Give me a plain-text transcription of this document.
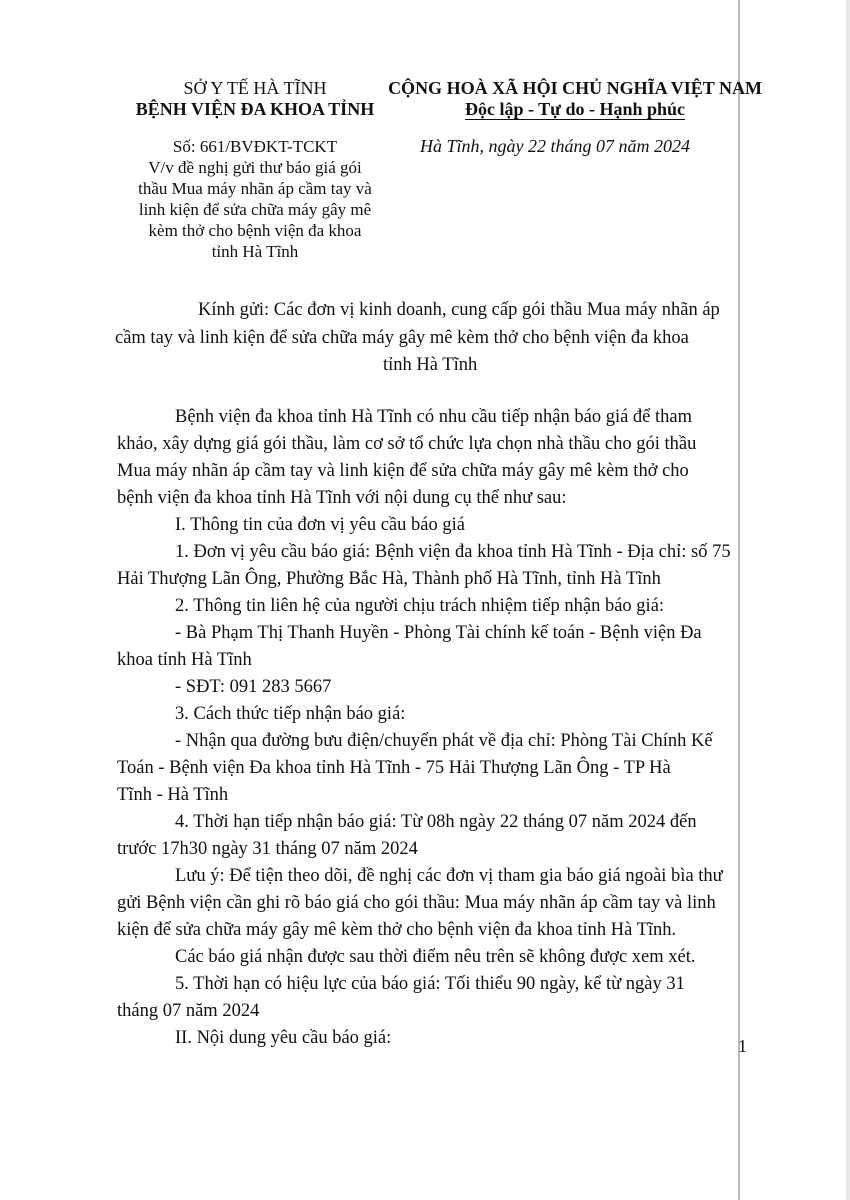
SỞ Y TẾ HÀ TĨNH
BỆNH VIỆN ĐA KHOA TỈNH
Số: 661/BVĐKT-TCKT
V/v đề nghị gửi thư báo giá gói
thầu Mua máy nhãn áp cầm tay và
linh kiện để sửa chữa máy gây mê
kèm thở cho bệnh viện đa khoa
tỉnh Hà Tĩnh
CỘNG HOÀ XÃ HỘI CHỦ NGHĨA VIỆT NAM
Độc lập - Tự do - Hạnh phúc
Hà Tĩnh, ngày 22 tháng 07 năm 2024
Kính gửi: Các đơn vị kinh doanh, cung cấp gói thầu Mua máy nhãn áp
cầm tay và linh kiện để sửa chữa máy gây mê kèm thở cho bệnh viện đa khoa
tỉnh Hà Tĩnh
Bệnh viện đa khoa tỉnh Hà Tĩnh có nhu cầu tiếp nhận báo giá để tham
khảo, xây dựng giá gói thầu, làm cơ sở tổ chức lựa chọn nhà thầu cho gói thầu
Mua máy nhãn áp cầm tay và linh kiện để sửa chữa máy gây mê kèm thở cho
bệnh viện đa khoa tỉnh Hà Tĩnh với nội dung cụ thể như sau:
I. Thông tin của đơn vị yêu cầu báo giá
1. Đơn vị yêu cầu báo giá: Bệnh viện đa khoa tỉnh Hà Tĩnh - Địa chỉ: số 75
Hải Thượng Lãn Ông, Phường Bắc Hà, Thành phố Hà Tĩnh, tỉnh Hà Tĩnh
2. Thông tin liên hệ của người chịu trách nhiệm tiếp nhận báo giá:
- Bà Phạm Thị Thanh Huyền - Phòng Tài chính kế toán - Bệnh viện Đa
khoa tỉnh Hà Tĩnh
- SĐT: 091 283 5667
3. Cách thức tiếp nhận báo giá:
- Nhận qua đường bưu điện/chuyển phát về địa chỉ: Phòng Tài Chính Kế
Toán - Bệnh viện Đa khoa tỉnh Hà Tĩnh - 75 Hải Thượng Lãn Ông - TP Hà
Tĩnh - Hà Tĩnh
4. Thời hạn tiếp nhận báo giá: Từ 08h ngày 22 tháng 07 năm 2024 đến
trước 17h30 ngày 31 tháng 07 năm 2024
Lưu ý: Để tiện theo dõi, đề nghị các đơn vị tham gia báo giá ngoài bìa thư
gửi Bệnh viện cần ghi rõ báo giá cho gói thầu: Mua máy nhãn áp cầm tay và linh
kiện để sửa chữa máy gây mê kèm thở cho bệnh viện đa khoa tỉnh Hà Tĩnh.
Các báo giá nhận được sau thời điểm nêu trên sẽ không được xem xét.
5. Thời hạn có hiệu lực của báo giá: Tối thiểu 90 ngày, kể từ ngày 31
tháng 07 năm 2024
II. Nội dung yêu cầu báo giá:	1
